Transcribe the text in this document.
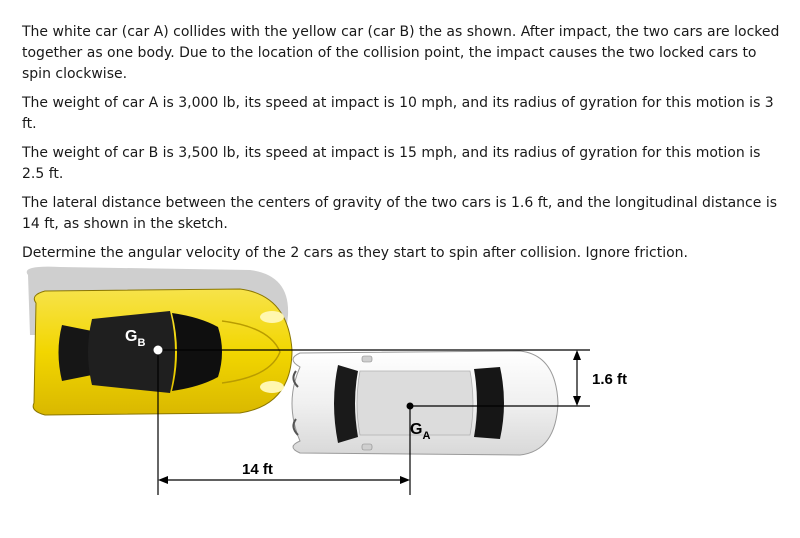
The white car (car A) collides with the yellow car (car B) the as shown. After impact, the two cars are locked together as one body. Due to the location of the collision point, the impact causes the two locked cars to spin clockwise.

The weight of car A is 3,000 lb, its speed at impact is 10 mph, and its radius of gyration for this motion is 3 ft.

The weight of car B is 3,500 lb, its speed at impact is 15 mph, and its radius of gyration for this motion is 2.5 ft.

The lateral distance between the centers of gravity of the two cars is 1.6 ft, and the longitudinal distance is 14 ft, as shown in the sketch.

Determine the angular velocity of the 2 cars as they start to spin after collision. Ignore friction.

$G_B$
$G_A$
14 ft
1.6 ft
